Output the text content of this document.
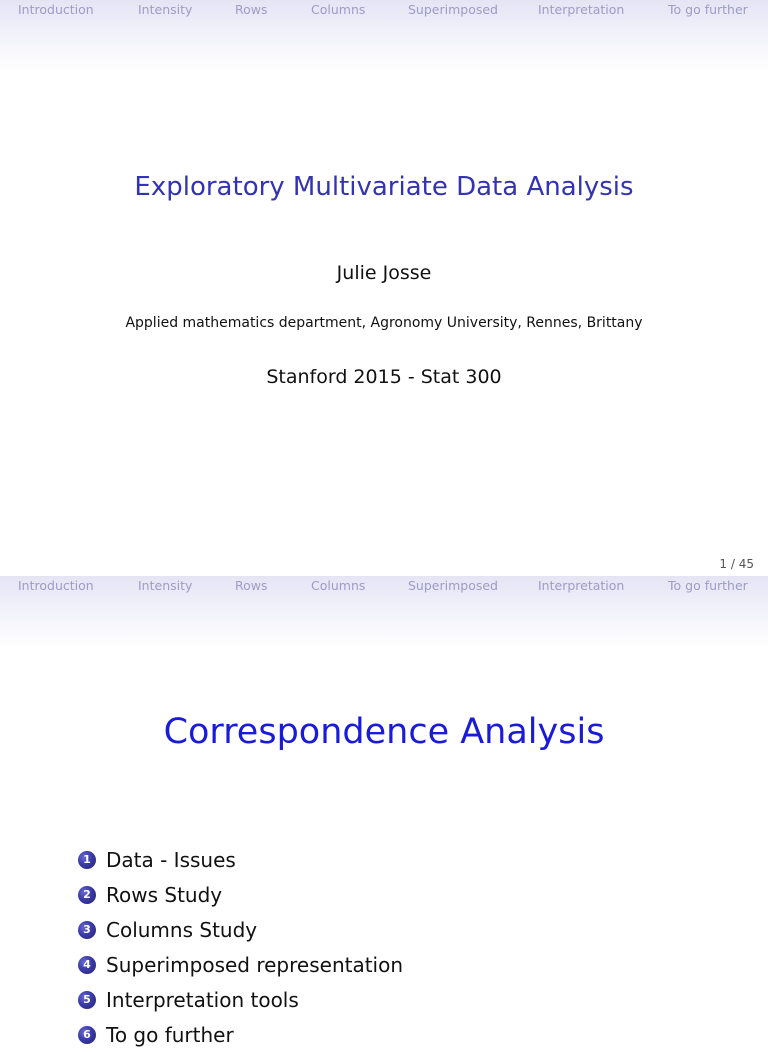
Introduction	Intensity	Rows	Columns	Superimposed	Interpretation	To go further
Exploratory Multivariate Data Analysis
Julie Josse
Applied mathematics department, Agronomy University, Rennes, Brittany
Stanford 2015 - Stat 300
1 / 45
Introduction	Intensity	Rows	Columns	Superimposed	Interpretation	To go further
Correspondence Analysis
1 Data - Issues
2 Rows Study
3 Columns Study
4 Superimposed representation
5 Interpretation tools
6 To go further
